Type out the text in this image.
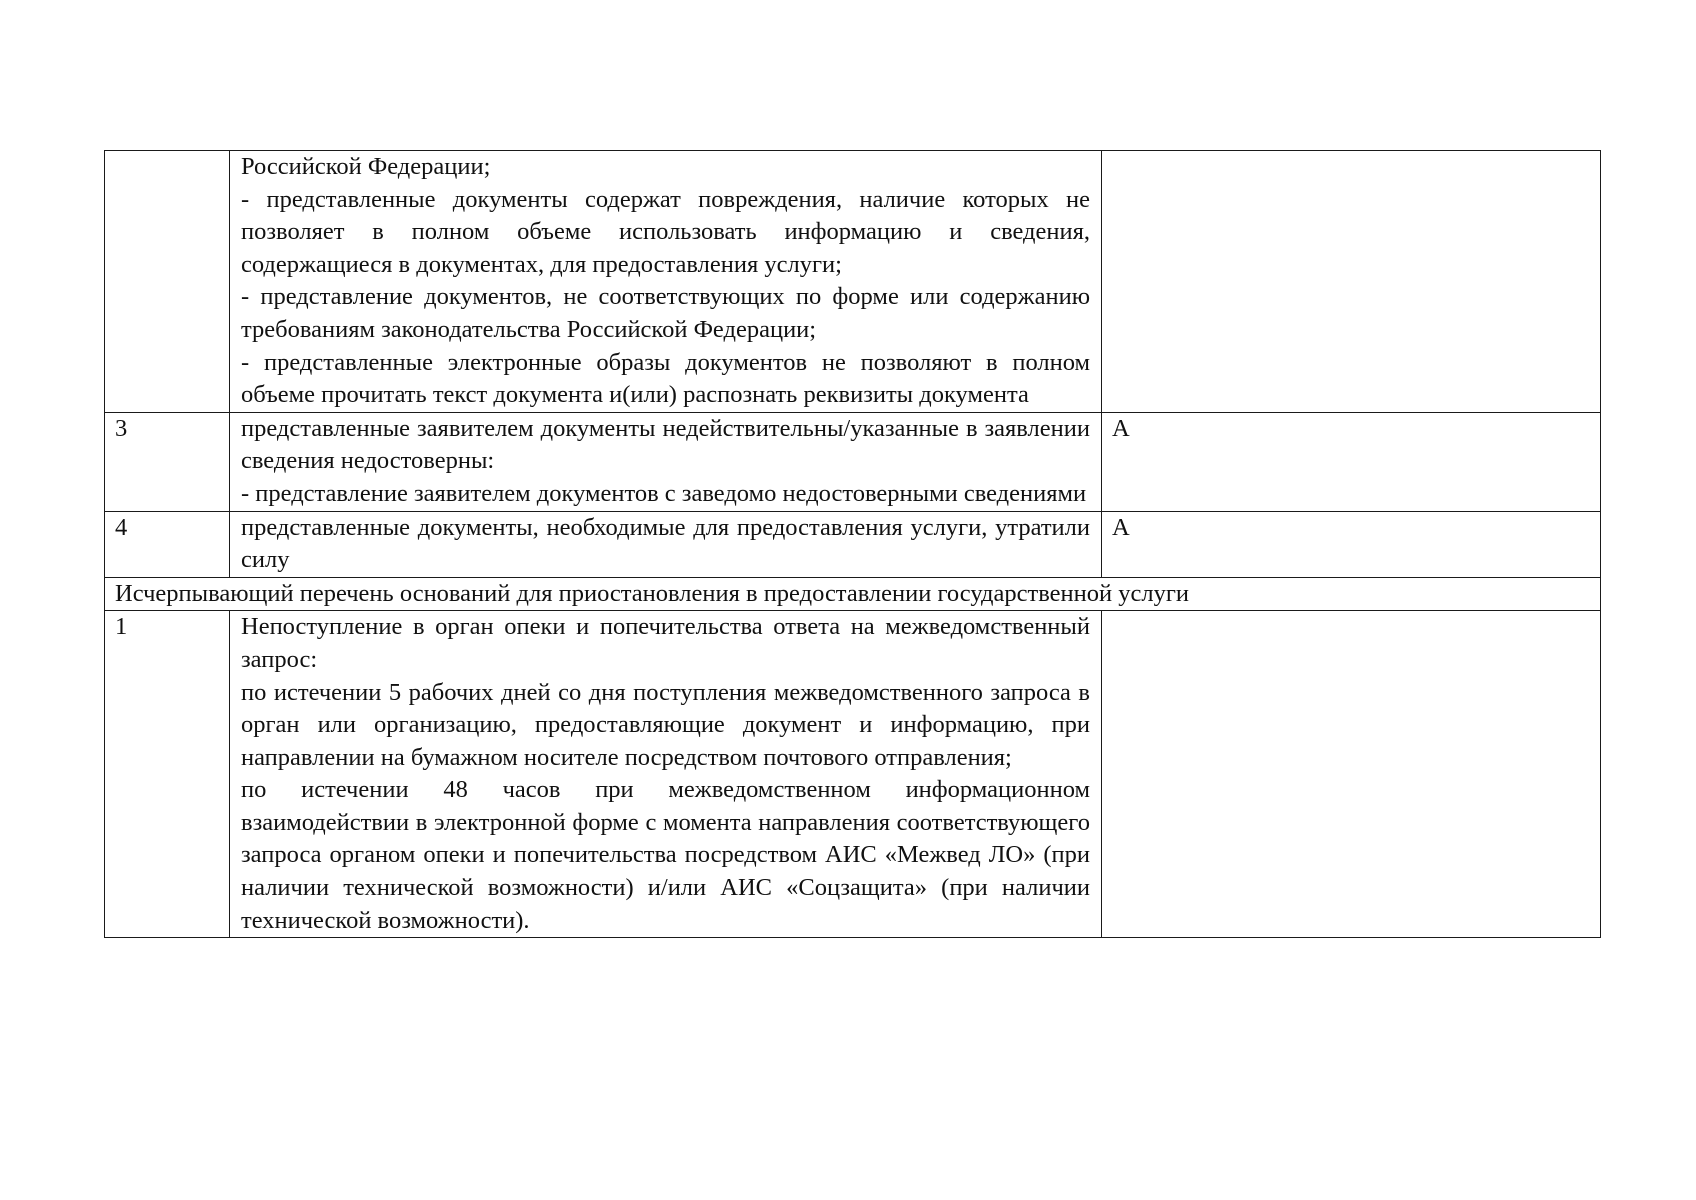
	Российской Федерации;
- представленные документы содержат повреждения, наличие которых не позволяет в полном объеме использовать информацию и сведения, содержащиеся в документах, для предоставления услуги;
- представление документов, не соответствующих по форме или содержанию требованиям законодательства Российской Федерации;
- представленные электронные образы документов не позволяют в полном объеме прочитать текст документа и(или) распознать реквизиты документа	

3	представленные заявителем документы недействительны/указанные в заявлении сведения недостоверны:
- представление заявителем документов с заведомо недостоверными сведениями	А
4	представленные документы, необходимые для предоставления услуги, утратили силу	А
Исчерпывающий перечень оснований для приостановления в предоставлении государственной услуги		
1	Непоступление в орган опеки и попечительства ответа на межведомственный запрос:
по истечении 5 рабочих дней со дня поступления межведомственного запроса в орган или организацию, предоставляющие документ и информацию, при направлении на бумажном носителе посредством почтового отправления;
по истечении 48 часов при межведомственном информационном взаимодействии в электронной форме с момента направления соответствующего запроса органом опеки и попечительства посредством АИС «Межвед ЛО» (при наличии технической возможности) и/или АИС «Соцзащита» (при наличии технической возможности).	
